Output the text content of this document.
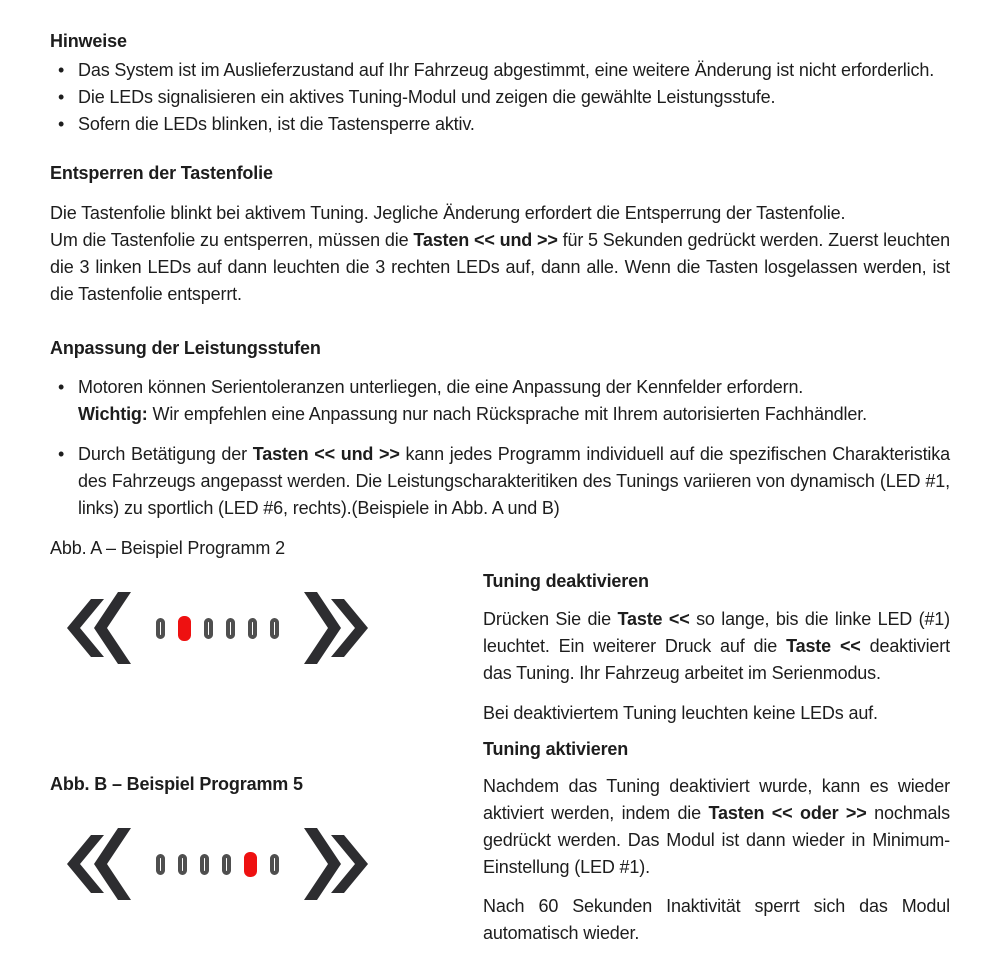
Hinweise
• Das System ist im Auslieferzustand auf Ihr Fahrzeug abgestimmt, eine weitere Änderung ist nicht erforderlich.
• Die LEDs signalisieren ein aktives Tuning-Modul und zeigen die gewählte Leistungsstufe.
• Sofern die LEDs blinken, ist die Tastensperre aktiv.
Entsperren der Tastenfolie
Die Tastenfolie blinkt bei aktivem Tuning. Jegliche Änderung erfordert die Entsperrung der Tastenfolie.
Um die Tastenfolie zu entsperren, müssen die Tasten << und >> für 5 Sekunden gedrückt werden. Zuerst leuchten die 3 linken LEDs auf dann leuchten die 3 rechten LEDs auf, dann alle. Wenn die Tasten losgelassen werden, ist die Tastenfolie entsperrt.
Anpassung der Leistungsstufen
• Motoren können Serientoleranzen unterliegen, die eine Anpassung der Kennfelder erfordern.
Wichtig: Wir empfehlen eine Anpassung nur nach Rücksprache mit Ihrem autorisierten Fachhändler.
• Durch Betätigung der Tasten << und >> kann jedes Programm individuell auf die spezifischen Charakteristika des Fahrzeugs angepasst werden. Die Leistungscharakteritiken des Tunings variieren von dynamisch (LED #1, links) zu sportlich (LED #6, rechts).(Beispiele in Abb. A und B)

Abb. A – Beispiel Programm 2

Abb. B – Beispiel Programm 5

Tuning deaktivieren

Drücken Sie die Taste << so lange, bis die linke LED (#1) leuchtet. Ein weiterer Druck auf die Taste << deaktiviert das Tuning. Ihr Fahrzeug arbeitet im Serienmodus.

Bei deaktiviertem Tuning leuchten keine LEDs auf.

Tuning aktivieren

Nachdem das Tuning deaktiviert wurde, kann es wieder aktiviert werden, indem die Tasten << oder >> nochmals gedrückt werden. Das Modul ist dann wieder in Minimum-Einstellung (LED #1).

Nach 60 Sekunden Inaktivität sperrt sich das Modul automatisch wieder.
